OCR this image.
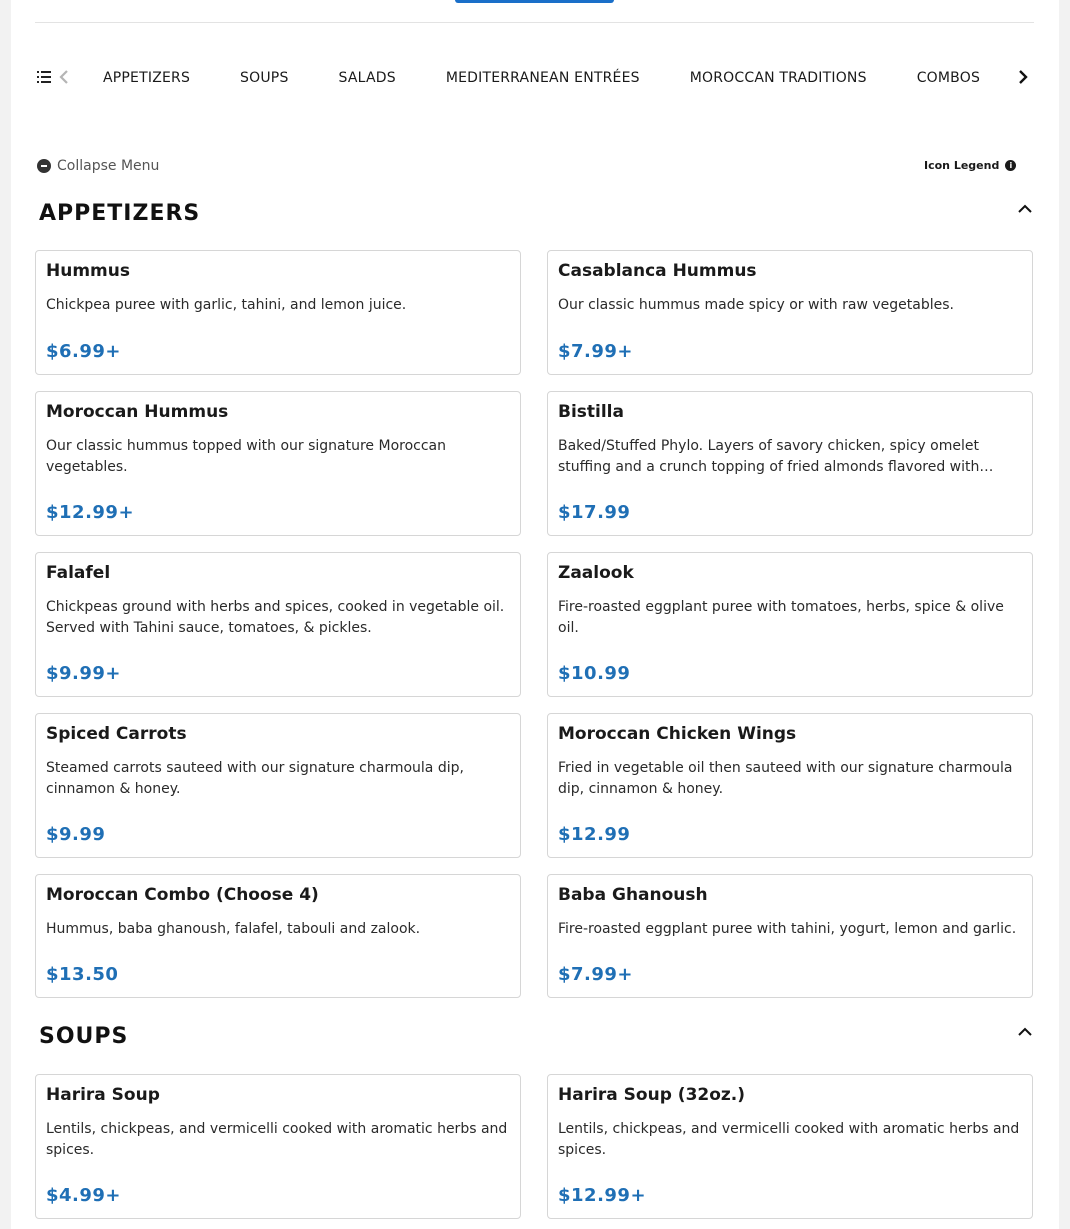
APPETIZERS	SOUPS	SALADS	MEDITERRANEAN ENTRÉES	MOROCCAN TRADITIONS	COMBOS
Collapse Menu	Icon Legend	i
APPETIZERS
Hummus
Chickpea puree with garlic, tahini, and lemon juice.
$6.99+
Casablanca Hummus
Our classic hummus made spicy or with raw vegetables.
$7.99+
Moroccan Hummus
Our classic hummus topped with our signature Moroccan vegetables.
$12.99+
Bistilla
Baked/Stuffed Phylo. Layers of savory chicken, spicy omelet stuffing and a crunch topping of fried almonds flavored with…
$17.99
Falafel
Chickpeas ground with herbs and spices, cooked in vegetable oil. Served with Tahini sauce, tomatoes, & pickles.
$9.99+
Zaalook
Fire-roasted eggplant puree with tomatoes, herbs, spice & olive oil.
$10.99
Spiced Carrots
Steamed carrots sauteed with our signature charmoula dip, cinnamon & honey.
$9.99
Moroccan Chicken Wings
Fried in vegetable oil then sauteed with our signature charmoula dip, cinnamon & honey.
$12.99
Moroccan Combo (Choose 4)
Hummus, baba ghanoush, falafel, tabouli and zalook.
$13.50
Baba Ghanoush
Fire-roasted eggplant puree with tahini, yogurt, lemon and garlic.
$7.99+
SOUPS
Harira Soup
Lentils, chickpeas, and vermicelli cooked with aromatic herbs and spices.
$4.99+
Harira Soup (32oz.)
Lentils, chickpeas, and vermicelli cooked with aromatic herbs and spices.
$12.99+
